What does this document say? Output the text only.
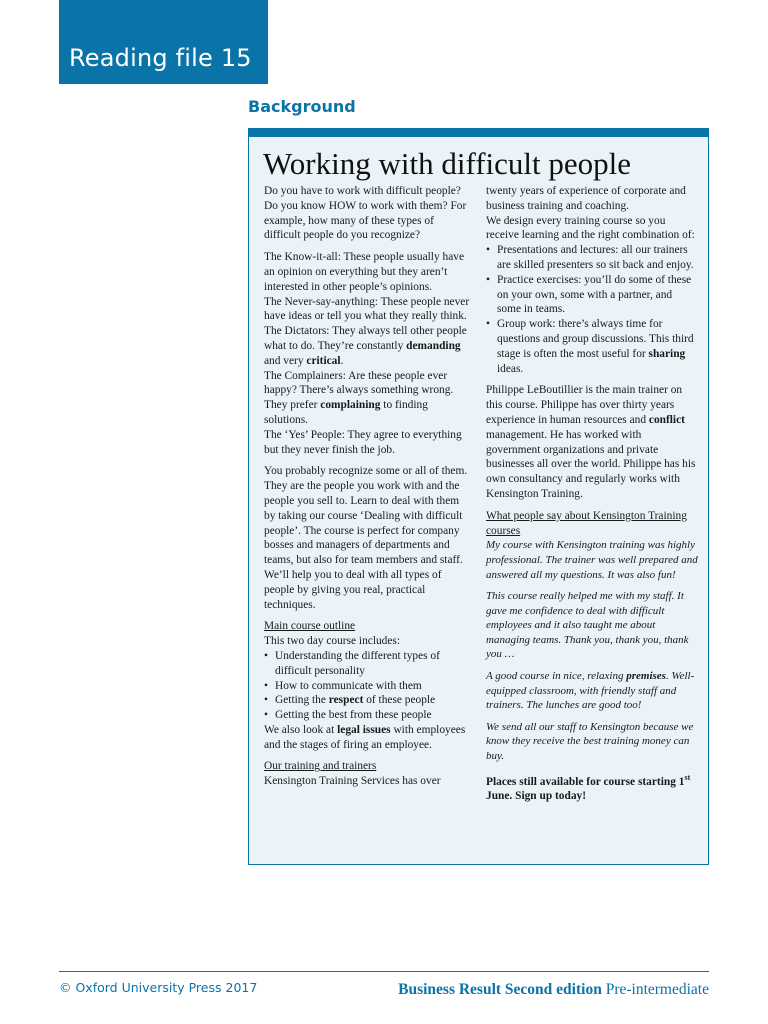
Reading file 15
Background
Working with difficult people

Do you have to work with difficult people? Do you know HOW to work with them? For example, how many of these types of difficult people do you recognize?

The Know-it-all: These people usually have an opinion on everything but they aren’t interested in other people’s opinions.

The Never-say-anything: These people never have ideas or tell you what they really think.

The Dictators: They always tell other people what to do. They’re constantly demanding and very critical.

The Complainers: Are these people ever happy? There’s always something wrong. They prefer complaining to finding solutions.

The ‘Yes’ People: They agree to everything but they never finish the job.

You probably recognize some or all of them. They are the people you work with and the people you sell to. Learn to deal with them by taking our course ‘Dealing with difficult people’. The course is perfect for company bosses and managers of departments and teams, but also for team members and staff. We’ll help you to deal with all types of people by giving you real, practical techniques.

Main course outline

This two day course includes:

• Understanding the different types of difficult personality
• How to communicate with them
• Getting the respect of these people
• Getting the best from these people

We also look at legal issues with employees and the stages of firing an employee.

Our training and trainers

Kensington Training Services has over

twenty years of experience of corporate and business training and coaching.

We design every training course so you receive learning and the right combination of:

• Presentations and lectures: all our trainers are skilled presenters so sit back and enjoy.
• Practice exercises: you’ll do some of these on your own, some with a partner, and some in teams.
• Group work: there’s always time for questions and group discussions. This third stage is often the most useful for sharing ideas.

Philippe LeBoutillier is the main trainer on this course. Philippe has over thirty years experience in human resources and conflict management. He has worked with government organizations and private businesses all over the world. Philippe has his own consultancy and regularly works with Kensington Training.

What people say about Kensington Training courses

My course with Kensington training was highly professional. The trainer was well prepared and answered all my questions. It was also fun!

This course really helped me with my staff. It gave me confidence to deal with difficult employees and it also taught me about managing teams. Thank you, thank you, thank you …

A good course in nice, relaxing premises. Well-equipped classroom, with friendly staff and trainers. The lunches are good too!

We send all our staff to Kensington because we know they receive the best training money can buy.

Places still available for course starting 1st June. Sign up today!

© Oxford University Press 2017	Business Result Second edition Pre-intermediate
